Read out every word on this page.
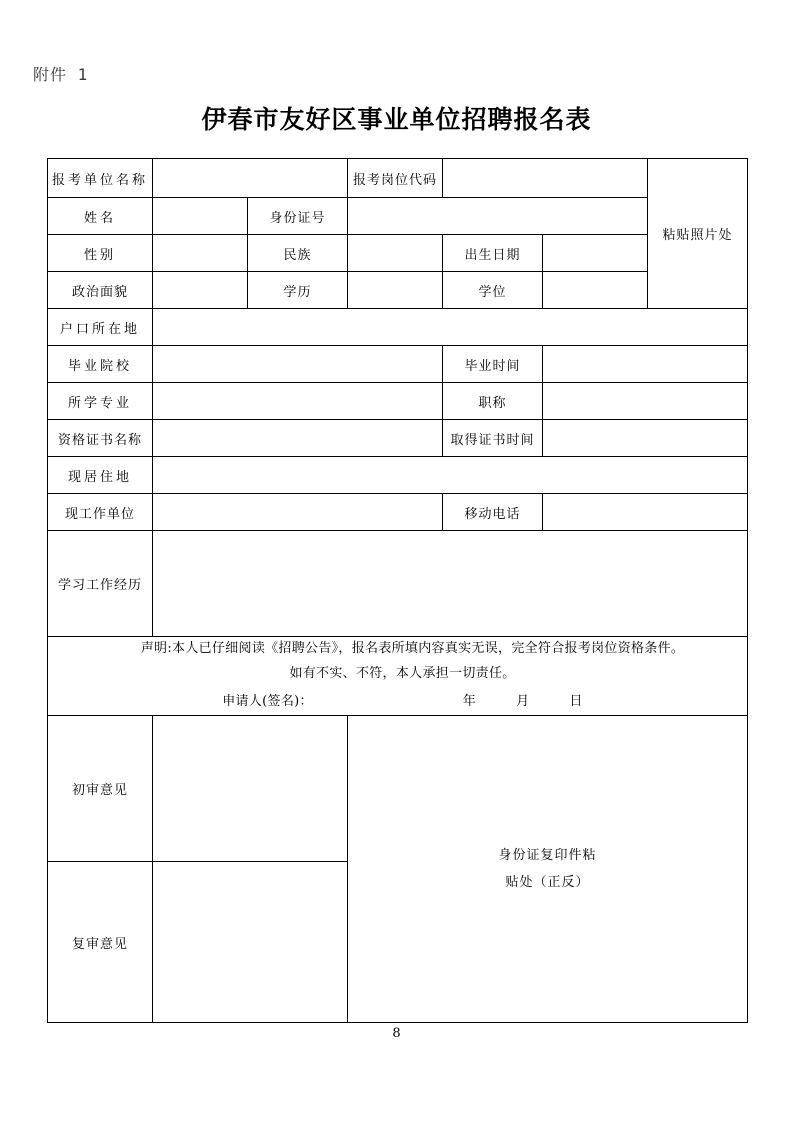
附件 1
伊春市友好区事业单位招聘报名表
报考单位名称			报考岗位代码			粘贴照片处
姓名		身份证号				
性别		民族		出生日期		
政治面貌		学历		学位		
户口所在地						
毕业院校				毕业时间		
所学专业				职称		
资格证书名称				取得证书时间		
现居住地						
现工作单位				移动电话		
学习工作经历						

声明:本人已仔细阅读《招聘公告》，报名表所填内容真实无误，完全符合报考岗位资格条件。
如有不实、不符，本人承担一切责任。
申请人(签名)： 年 月 日						

初审意见			身份证复印件粘
贴处（正反）			

复审意见						
8
